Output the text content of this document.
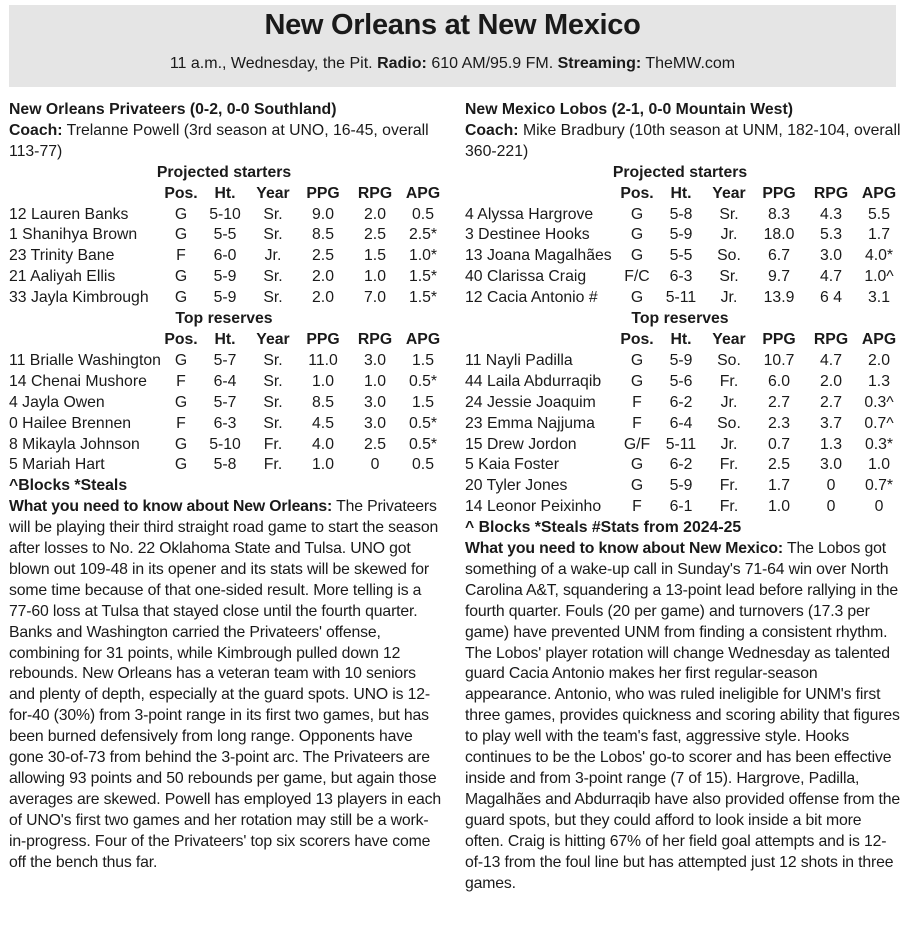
New Orleans at New Mexico
11 a.m., Wednesday, the Pit. Radio: 610 AM/95.9 FM. Streaming: TheMW.com
New Orleans Privateers (0-2, 0-0 Southland)
Coach: Trelanne Powell (3rd season at UNO, 16-45, overall 113-77)
Projected starters
	Pos.	Ht.	Year	PPG	RPG	APG
12 Lauren Banks	G	5-10	Sr.	9.0	2.0	0.5
1 Shanihya Brown	G	5-5	Sr.	8.5	2.5	2.5*
23 Trinity Bane	F	6-0	Jr.	2.5	1.5	1.0*
21 Aaliyah Ellis	G	5-9	Sr.	2.0	1.0	1.5*
33 Jayla Kimbrough	G	5-9	Sr.	2.0	7.0	1.5*
Top reserves
	Pos.	Ht.	Year	PPG	RPG	APG
11 Brialle Washington	G	5-7	Sr.	11.0	3.0	1.5
14 Chenai Mushore	F	6-4	Sr.	1.0	1.0	0.5*
4 Jayla Owen	G	5-7	Sr.	8.5	3.0	1.5
0 Hailee Brennen	F	6-3	Sr.	4.5	3.0	0.5*
8 Mikayla Johnson	G	5-10	Fr.	4.0	2.5	0.5*
5 Mariah Hart	G	5-8	Fr.	1.0	0	0.5
^Blocks *Steals
What you need to know about New Orleans: The Privateers will be playing their third straight road game to start the season after losses to No. 22 Oklahoma State and Tulsa. UNO got blown out 109-48 in its opener and its stats will be skewed for some time because of that one-sided result. More telling is a 77-60 loss at Tulsa that stayed close until the fourth quarter. Banks and Washington carried the Privateers' offense, combining for 31 points, while Kimbrough pulled down 12 rebounds. New Orleans has a veteran team with 10 seniors and plenty of depth, especially at the guard spots. UNO is 12-for-40 (30%) from 3-point range in its first two games, but has been burned defensively from long range. Opponents have gone 30-of-73 from behind the 3-point arc. The Privateers are allowing 93 points and 50 rebounds per game, but again those averages are skewed. Powell has employed 13 players in each of UNO's first two games and her rotation may still be a work-in-progress. Four of the Privateers' top six scorers have come off the bench thus far.
New Mexico Lobos (2-1, 0-0 Mountain West)
Coach: Mike Bradbury (10th season at UNM, 182-104, overall 360-221)
Projected starters
	Pos.	Ht.	Year	PPG	RPG	APG
4 Alyssa Hargrove	G	5-8	Sr.	8.3	4.3	5.5
3 Destinee Hooks	G	5-9	Jr.	18.0	5.3	1.7
13 Joana Magalhães	G	5-5	So.	6.7	3.0	4.0*
40 Clarissa Craig	F/C	6-3	Sr.	9.7	4.7	1.0^
12 Cacia Antonio #	G	5-11	Jr.	13.9	6 4	3.1
Top reserves
	Pos.	Ht.	Year	PPG	RPG	APG
11 Nayli Padilla	G	5-9	So.	10.7	4.7	2.0
44 Laila Abdurraqib	G	5-6	Fr.	6.0	2.0	1.3
24 Jessie Joaquim	F	6-2	Jr.	2.7	2.7	0.3^
23 Emma Najjuma	F	6-4	So.	2.3	3.7	0.7^
15 Drew Jordon	G/F	5-11	Jr.	0.7	1.3	0.3*
5 Kaia Foster	G	6-2	Fr.	2.5	3.0	1.0
20 Tyler Jones	G	5-9	Fr.	1.7	0	0.7*
14 Leonor Peixinho	F	6-1	Fr.	1.0	0	0
^ Blocks *Steals #Stats from 2024-25
What you need to know about New Mexico: The Lobos got something of a wake-up call in Sunday's 71-64 win over North Carolina A&T, squandering a 13-point lead before rallying in the fourth quarter. Fouls (20 per game) and turnovers (17.3 per game) have prevented UNM from finding a consistent rhythm. The Lobos' player rotation will change Wednesday as talented guard Cacia Antonio makes her first regular-season appearance. Antonio, who was ruled ineligible for UNM's first three games, provides quickness and scoring ability that figures to play well with the team's fast, aggressive style. Hooks continues to be the Lobos' go-to scorer and has been effective inside and from 3-point range (7 of 15). Hargrove, Padilla, Magalhães and Abdurraqib have also provided offense from the guard spots, but they could afford to look inside a bit more often. Craig is hitting 67% of her field goal attempts and is 12-of-13 from the foul line but has attempted just 12 shots in three games.
